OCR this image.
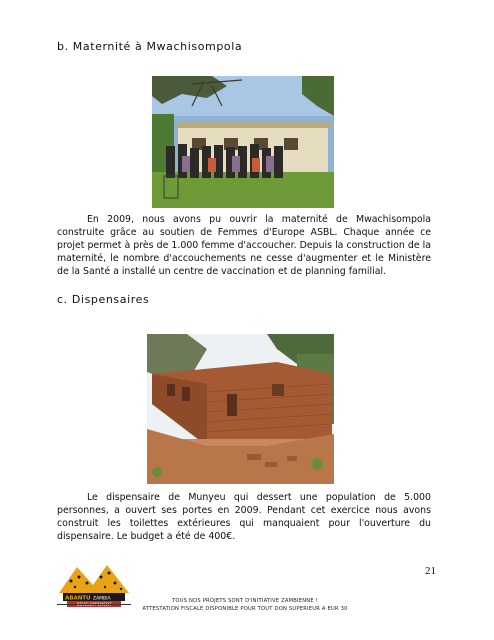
b. Maternité à Mwachisompola

En 2009, nous avons pu ouvrir la maternité de Mwachisompola construite grâce au soutien de Femmes d'Europe ASBL. Chaque année ce projet permet à près de 1.000 femme d'accoucher. Depuis la construction de la maternité, le nombre d'accouchements ne cesse d'augmenter et le Ministère de la Santé a installé un centre de vaccination et de planning familial.

c. Dispensaires

Le dispensaire de Munyeu qui dessert une population de 5.000 personnes, a ouvert ses portes en 2009. Pendant cet exercice nous avons construit les toilettes extérieures qui manquaient pour l'ouverture du dispensaire. Le budget a été de 400€.

21
ABANTU ZAMBIA	TOUS NOS PROJETS SONT D'INITIATIVE ZAMBIENNE !
ATTESTATION FISCALE DISPONIBLE POUR TOUT DON SUPERIEUR A EUR 30
